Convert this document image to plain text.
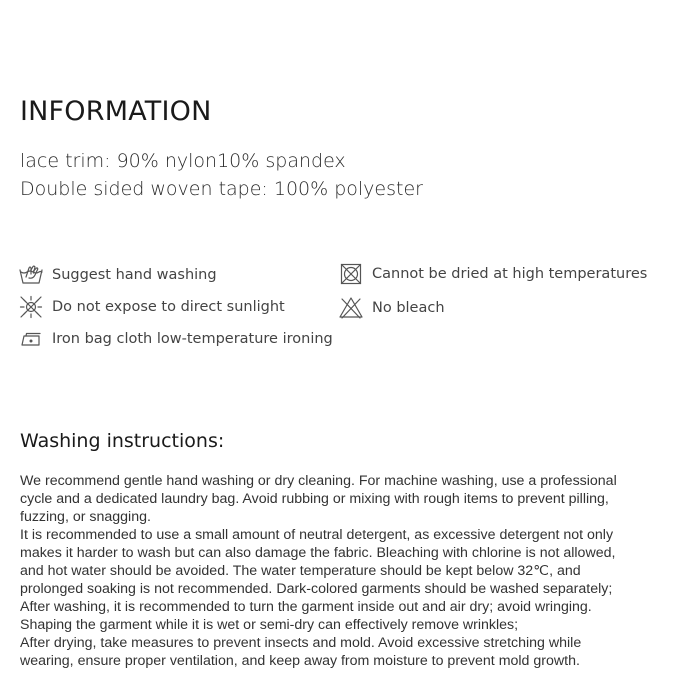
INFORMATION

lace trim: 90% nylon10% spandex

Double sided woven tape: 100% polyester

Suggest hand washing
Do not expose to direct sunlight
Iron bag cloth low-temperature ironing
Cannot be dried at high temperatures
No bleach
Washing instructions:
We recommend gentle hand washing or dry cleaning. For machine washing, use a professional
cycle and a dedicated laundry bag. Avoid rubbing or mixing with rough items to prevent pilling,
fuzzing, or snagging.
It is recommended to use a small amount of neutral detergent, as excessive detergent not only
makes it harder to wash but can also damage the fabric. Bleaching with chlorine is not allowed,
and hot water should be avoided. The water temperature should be kept below 32℃, and
prolonged soaking is not recommended. Dark-colored garments should be washed separately;
After washing, it is recommended to turn the garment inside out and air dry; avoid wringing.
Shaping the garment while it is wet or semi-dry can effectively remove wrinkles;
After drying, take measures to prevent insects and mold. Avoid excessive stretching while
wearing, ensure proper ventilation, and keep away from moisture to prevent mold growth.
